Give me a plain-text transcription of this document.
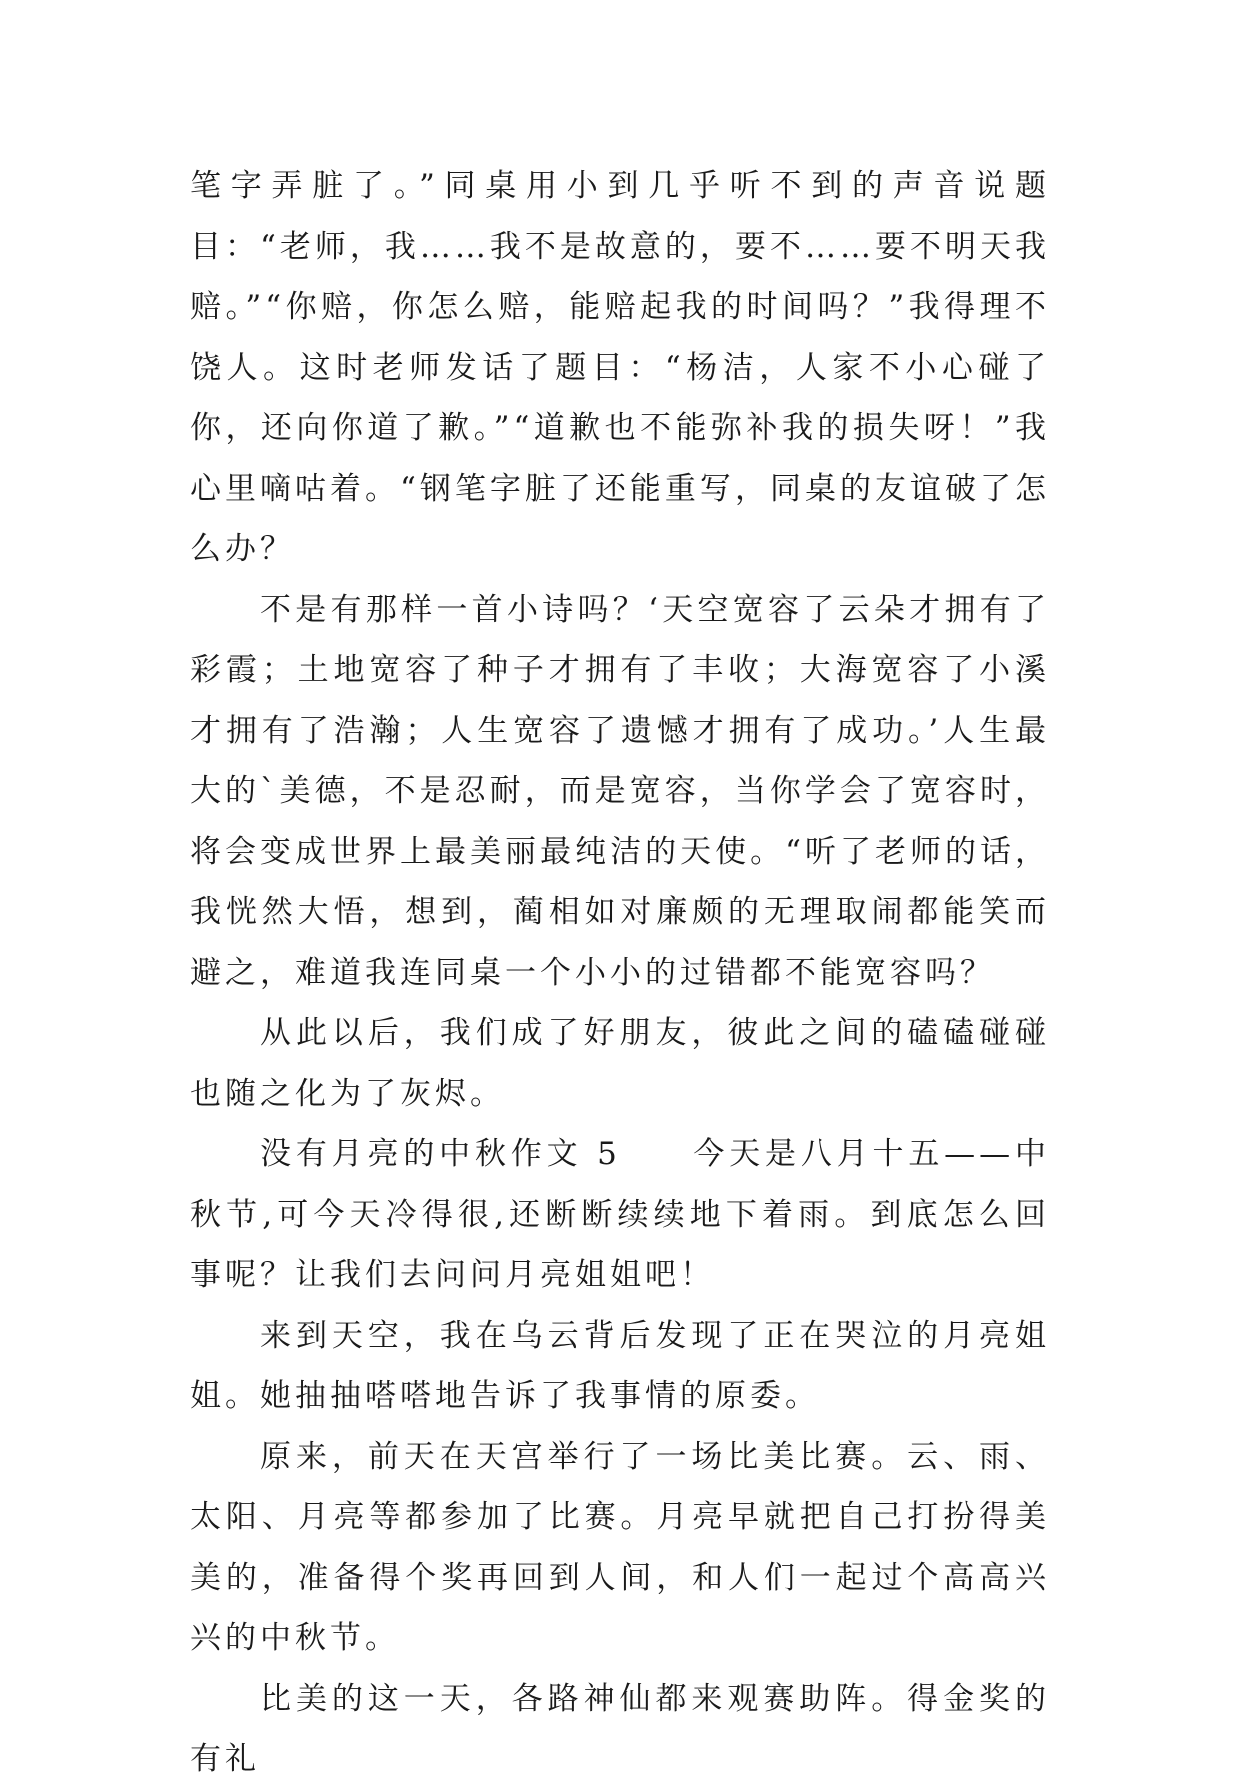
笔字弄脏了。”同桌用小到几乎听不到的声音说题目：“老师，我……我不是故意的，要不……要不明天我赔。”“你赔，你怎么赔，能赔起我的时间吗？”我得理不饶人。这时老师发话了题目：“杨洁，人家不小心碰了你，还向你道了歉。”“道歉也不能弥补我的损失呀！”我心里嘀咕着。“钢笔字脏了还能重写，同桌的友谊破了怎么办？

不是有那样一首小诗吗？‘天空宽容了云朵才拥有了彩霞；土地宽容了种子才拥有了丰收；大海宽容了小溪才拥有了浩瀚；人生宽容了遗憾才拥有了成功。’人生最大的`美德，不是忍耐，而是宽容，当你学会了宽容时，将会变成世界上最美丽最纯洁的天使。“听了老师的话，我恍然大悟，想到，蔺相如对廉颇的无理取闹都能笑而避之，难道我连同桌一个小小的过错都不能宽容吗？

从此以后，我们成了好朋友，彼此之间的磕磕碰碰也随之化为了灰烬。

没有月亮的中秋作文 5　　今天是八月十五——中秋节,可今天冷得很,还断断续续地下着雨。到底怎么回事呢？让我们去问问月亮姐姐吧！

来到天空，我在乌云背后发现了正在哭泣的月亮姐姐。她抽抽嗒嗒地告诉了我事情的原委。

原来，前天在天宫举行了一场比美比赛。云、雨、太阳、月亮等都参加了比赛。月亮早就把自己打扮得美美的，准备得个奖再回到人间，和人们一起过个高高兴兴的中秋节。

比美的这一天，各路神仙都来观赛助阵。得金奖的有礼
